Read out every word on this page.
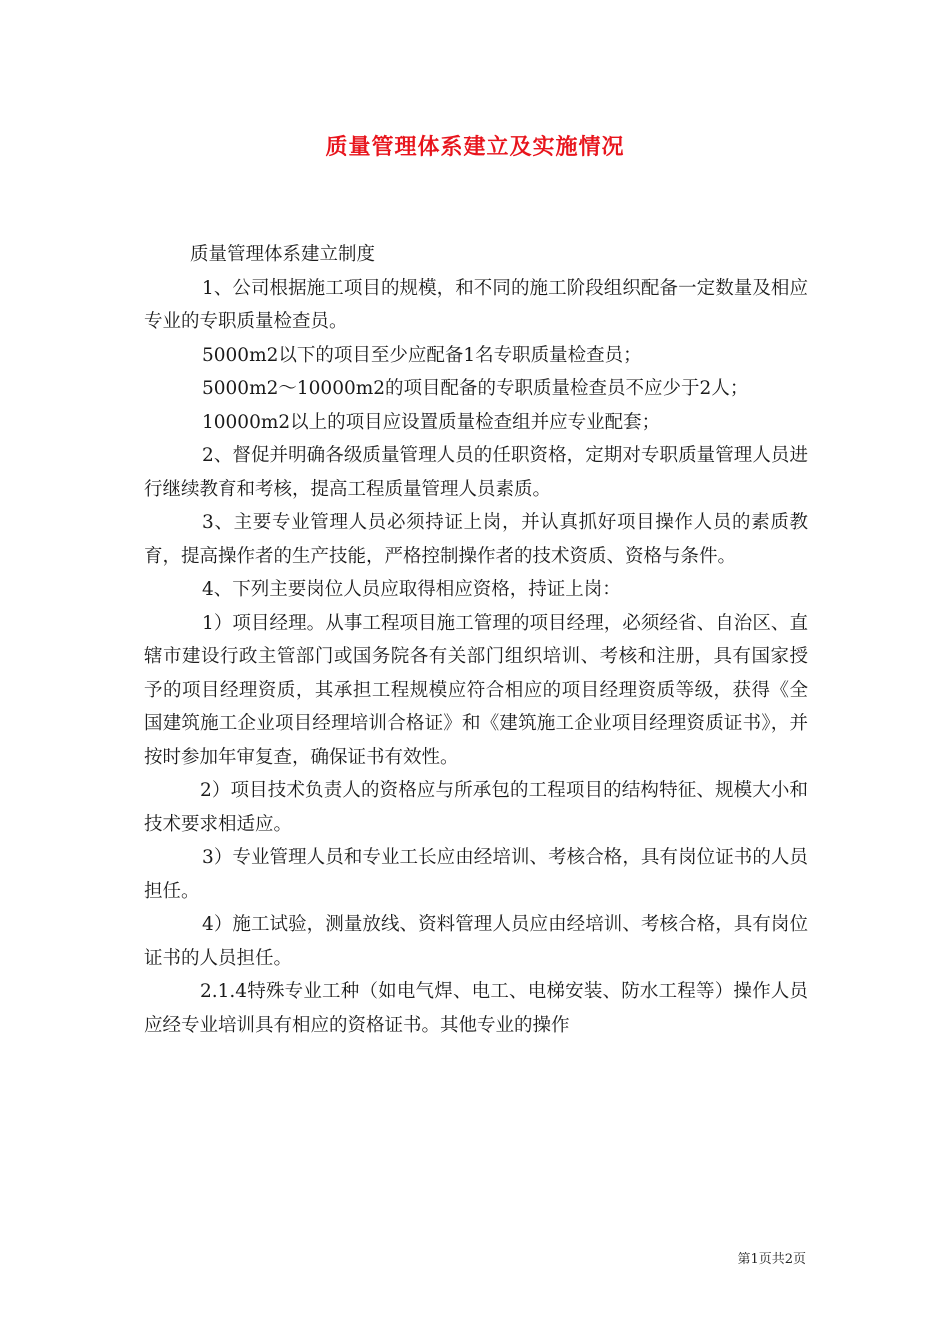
质量管理体系建立及实施情况

质量管理体系建立制度

1、公司根据施工项目的规模，和不同的施工阶段组织配备一定数量及相应专业的专职质量检查员。

5000m2以下的项目至少应配备1名专职质量检查员；

5000m2～10000m2的项目配备的专职质量检查员不应少于2人；

10000m2以上的项目应设置质量检查组并应专业配套；

2、督促并明确各级质量管理人员的任职资格，定期对专职质量管理人员进行继续教育和考核，提高工程质量管理人员素质。

3、主要专业管理人员必须持证上岗，并认真抓好项目操作人员的素质教育，提高操作者的生产技能，严格控制操作者的技术资质、资格与条件。

4、下列主要岗位人员应取得相应资格，持证上岗：

1）项目经理。从事工程项目施工管理的项目经理，必须经省、自治区、直辖市建设行政主管部门或国务院各有关部门组织培训、考核和注册，具有国家授予的项目经理资质，其承担工程规模应符合相应的项目经理资质等级，获得《全国建筑施工企业项目经理培训合格证》和《建筑施工企业项目经理资质证书》，并按时参加年审复查，确保证书有效性。

2）项目技术负责人的资格应与所承包的工程项目的结构特征、规模大小和技术要求相适应。

3）专业管理人员和专业工长应由经培训、考核合格，具有岗位证书的人员担任。

4）施工试验，测量放线、资料管理人员应由经培训、考核合格，具有岗位证书的人员担任。

2.1.4特殊专业工种（如电气焊、电工、电梯安装、防水工程等）操作人员应经专业培训具有相应的资格证书。其他专业的操作

第1页共2页
